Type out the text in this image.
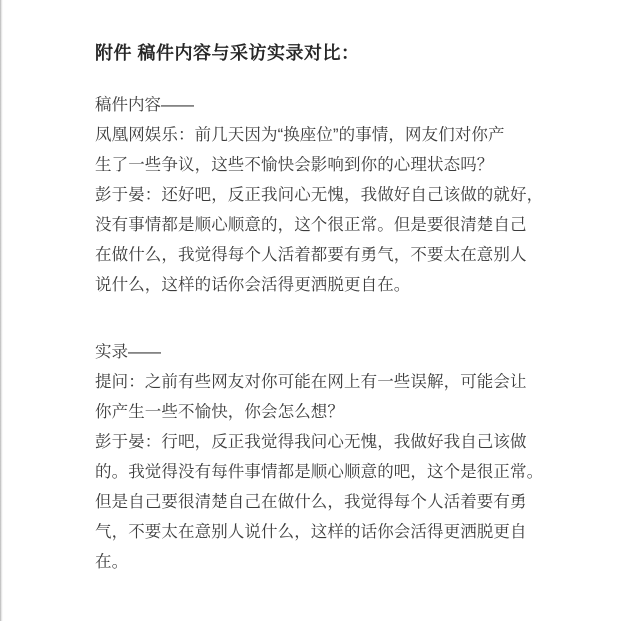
附件 稿件内容与采访实录对比：
稿件内容——
凤凰网娱乐：前几天因为“换座位”的事情，网友们对你产
生了一些争议，这些不愉快会影响到你的心理状态吗？
彭于晏：还好吧，反正我问心无愧，我做好自己该做的就好，
没有事情都是顺心顺意的，这个很正常。但是要很清楚自己
在做什么，我觉得每个人活着都要有勇气，不要太在意别人
说什么，这样的话你会活得更洒脱更自在。
实录——
提问：之前有些网友对你可能在网上有一些误解，可能会让
你产生一些不愉快，你会怎么想？
彭于晏：行吧，反正我觉得我问心无愧，我做好我自己该做
的。我觉得没有每件事情都是顺心顺意的吧，这个是很正常。
但是自己要很清楚自己在做什么，我觉得每个人活着要有勇
气，不要太在意别人说什么，这样的话你会活得更洒脱更自
在。
